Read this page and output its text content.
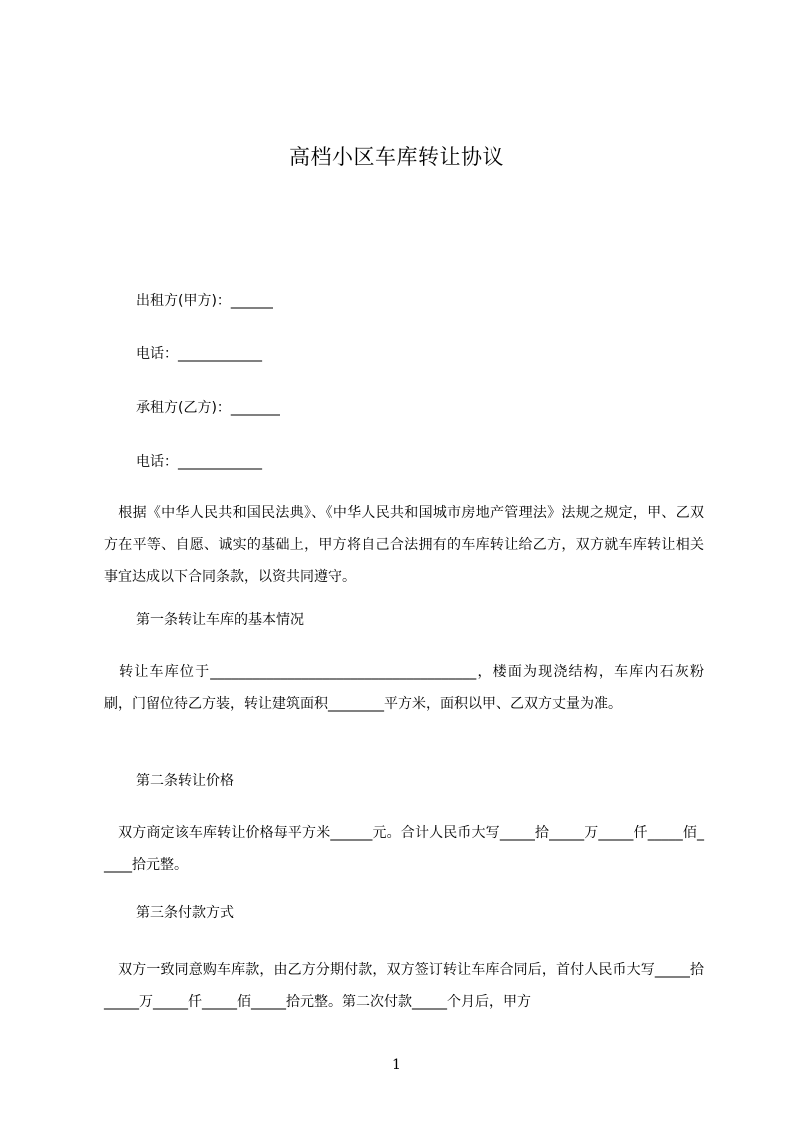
高档小区车库转让协议
出租方(甲方)：______
电话：____________
承租方(乙方)：_______
电话：____________
　根据《中华人民共和国民法典》、《中华人民共和国城市房地产管理法》法规之规定，甲、乙双方在平等、自愿、诚实的基础上，甲方将自己合法拥有的车库转让给乙方，双方就车库转让相关事宜达成以下合同条款，以资共同遵守。
第一条转让车库的基本情况
　转让车库位于______________________________________，楼面为现浇结构，车库内石灰粉刷，门留位待乙方装，转让建筑面积________平方米，面积以甲、乙双方丈量为准。
第二条转让价格
　双方商定该车库转让价格每平方米______元。合计人民币大写_____拾_____万_____仟_____佰_____拾元整。
第三条付款方式
　双方一致同意购车库款，由乙方分期付款，双方签订转让车库合同后，首付人民币大写_____拾_____万_____仟_____佰_____拾元整。第二次付款_____个月后，甲方
1
